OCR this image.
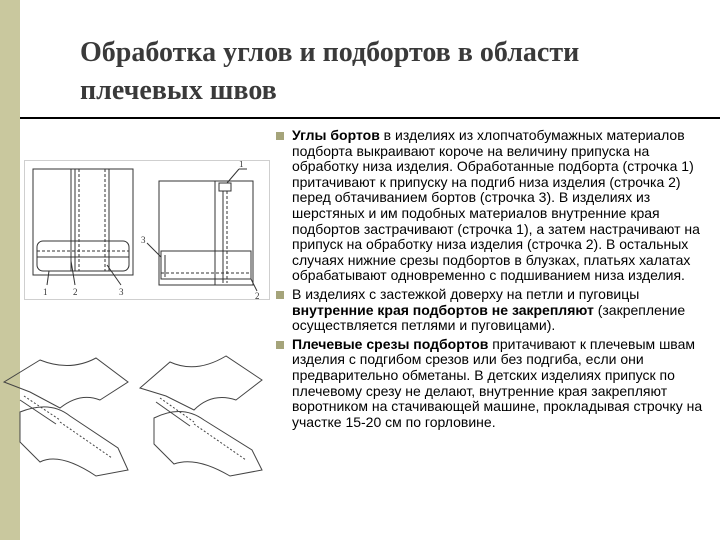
Обработка углов и подбортов в области
плечевых швов
1	2	3
1
2
3
Углы бортов в изделиях из хлопчатобумажных материалов подборта выкраивают короче на величину припуска на обработку низа изделия. Обработанные подборта (строчка 1) притачивают к припуску на подгиб низа изделия (строчка 2) перед обтачиванием бортов (строчка 3). В изделиях из шерстяных и им подобных материалов внутренние края подбортов застрачивают (строчка 1), а затем настрачивают на припуск на обработку низа изделия (строчка 2). В остальных случаях нижние срезы подбортов в блузках, платьях халатах обрабатывают одновременно с подшиванием низа изделия.
В изделиях с застежкой доверху на петли и пуговицы внутренние края подбортов не закрепляют (закрепление осуществляется петлями и пуговицами).
Плечевые срезы подбортов притачивают к плечевым швам изделия с подгибом срезов или без подгиба, если они предварительно обметаны. В детских изделиях припуск по плечевому срезу не делают, внутренние края закрепляют воротником на стачивающей машине, прокладывая строчку на участке 15-20 см по горловине.
